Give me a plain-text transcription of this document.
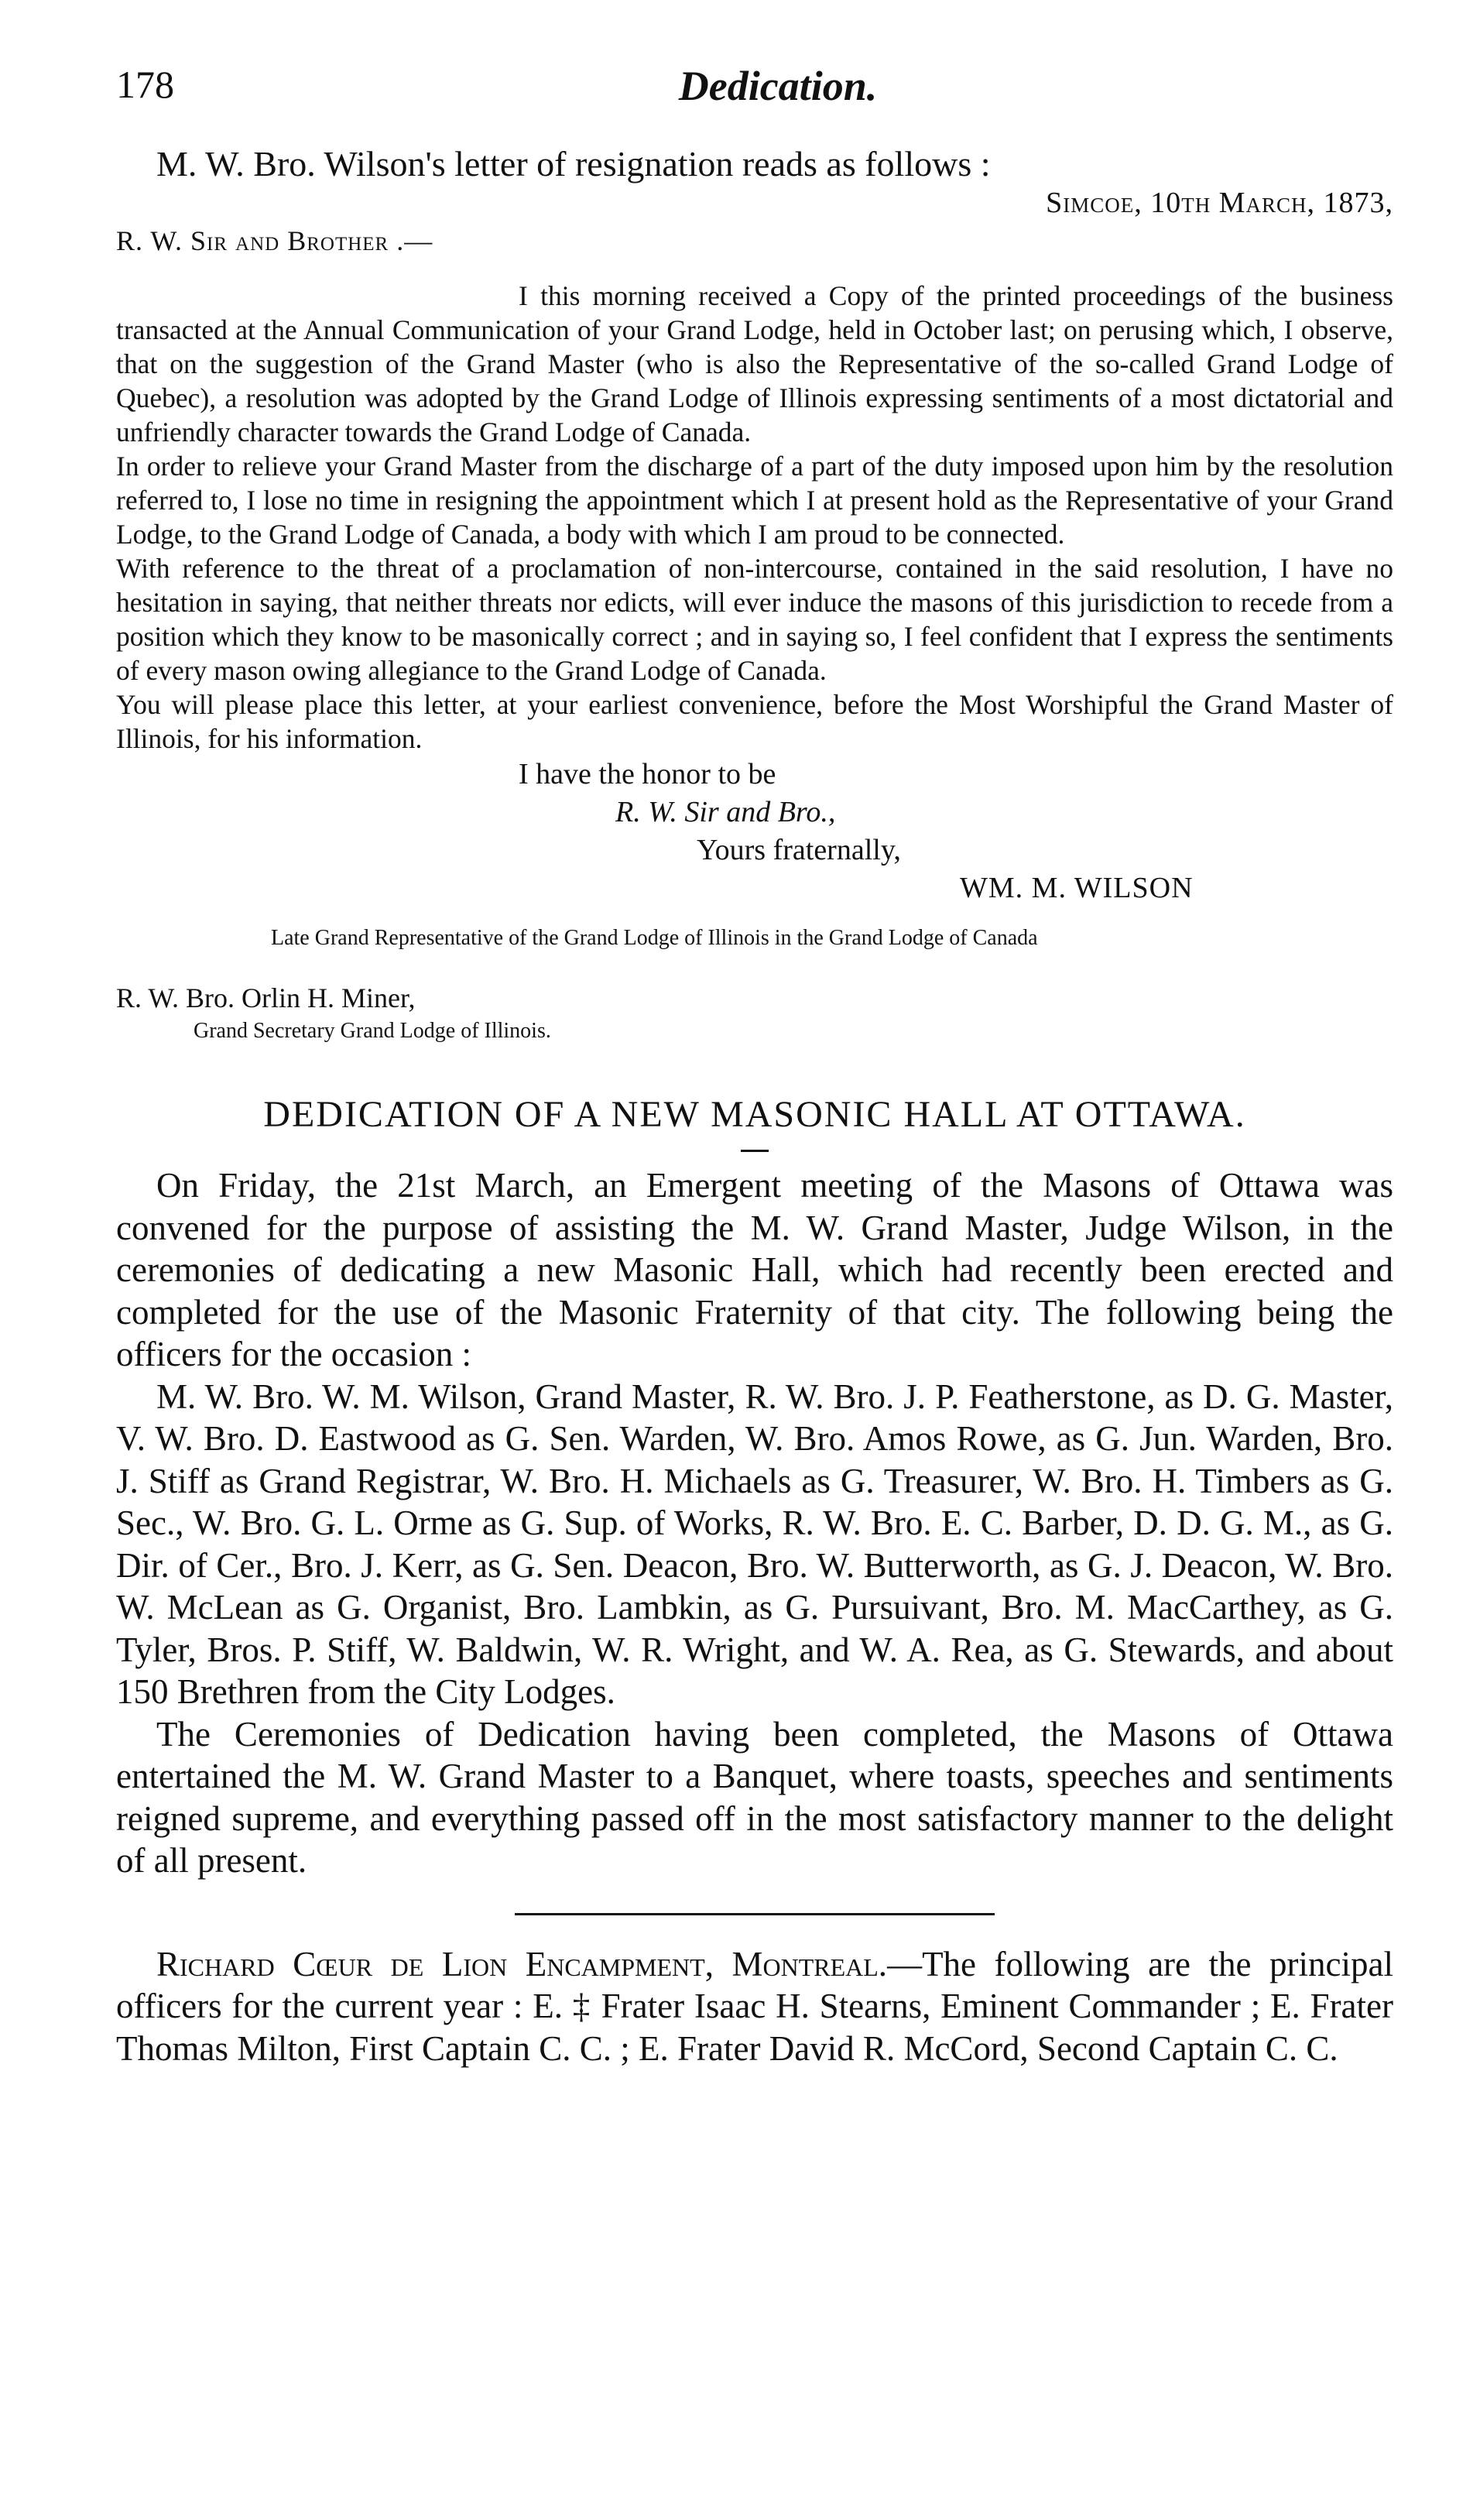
178	Dedication.
M. W. Bro. Wilson's letter of resignation reads as follows :
Simcoe, 10th March, 1873,
R. W. Sir and Brother .—

I this morning received a Copy of the printed proceedings of the business transacted at the Annual Communication of your Grand Lodge, held in October last; on perusing which, I observe, that on the suggestion of the Grand Master (who is also the Representative of the so-called Grand Lodge of Quebec), a resolution was adopted by the Grand Lodge of Illinois expressing sentiments of a most dictatorial and unfriendly character towards the Grand Lodge of Canada.

In order to relieve your Grand Master from the discharge of a part of the duty imposed upon him by the resolution referred to, I lose no time in resigning the appointment which I at present hold as the Representative of your Grand Lodge, to the Grand Lodge of Canada, a body with which I am proud to be connected.

With reference to the threat of a proclamation of non-intercourse, contained in the said resolution, I have no hesitation in saying, that neither threats nor edicts, will ever induce the masons of this jurisdiction to recede from a position which they know to be masonically correct ; and in saying so, I feel confident that I express the sentiments of every mason owing allegiance to the Grand Lodge of Canada.

You will please place this letter, at your earliest convenience, before the Most Worshipful the Grand Master of Illinois, for his information.

I have the honor to be
R. W. Sir and Bro.,
Yours fraternally,
WM. M. WILSON
Late Grand Representative of the Grand Lodge of Illinois in the Grand Lodge of Canada
R. W. Bro. Orlin H. Miner,
Grand Secretary Grand Lodge of Illinois.
DEDICATION OF A NEW MASONIC HALL AT OTTAWA.

On Friday, the 21st March, an Emergent meeting of the Masons of Ottawa was convened for the purpose of assisting the M. W. Grand Master, Judge Wilson, in the ceremonies of dedicating a new Masonic Hall, which had recently been erected and completed for the use of the Masonic Fraternity of that city. The following being the officers for the occasion :

M. W. Bro. W. M. Wilson, Grand Master, R. W. Bro. J. P. Featherstone, as D. G. Master, V. W. Bro. D. Eastwood as G. Sen. Warden, W. Bro. Amos Rowe, as G. Jun. Warden, Bro. J. Stiff as Grand Registrar, W. Bro. H. Michaels as G. Treasurer, W. Bro. H. Timbers as G. Sec., W. Bro. G. L. Orme as G. Sup. of Works, R. W. Bro. E. C. Barber, D. D. G. M., as G. Dir. of Cer., Bro. J. Kerr, as G. Sen. Deacon, Bro. W. Butterworth, as G. J. Deacon, W. Bro. W. McLean as G. Organist, Bro. Lambkin, as G. Pursuivant, Bro. M. MacCarthey, as G. Tyler, Bros. P. Stiff, W. Baldwin, W. R. Wright, and W. A. Rea, as G. Stewards, and about 150 Brethren from the City Lodges.

The Ceremonies of Dedication having been completed, the Masons of Ottawa entertained the M. W. Grand Master to a Banquet, where toasts, speeches and sentiments reigned supreme, and everything passed off in the most satisfactory manner to the delight of all present.

Richard Cœur de Lion Encampment, Montreal.—The following are the principal officers for the current year : E. ‡ Frater Isaac H. Stearns, Eminent Commander ; E. Frater Thomas Milton, First Captain C. C. ; E. Frater David R. McCord, Second Captain C. C.
